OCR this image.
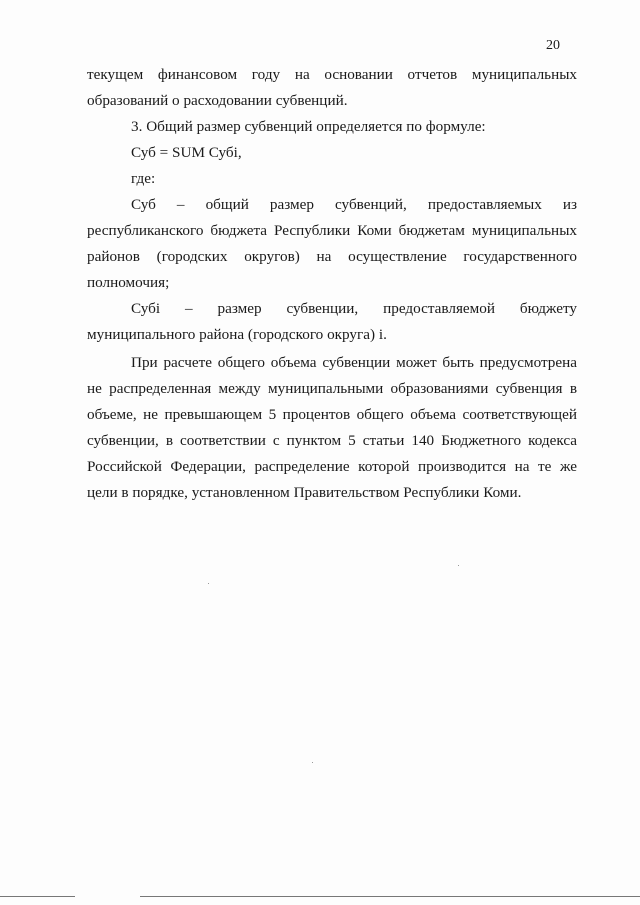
20
текущем финансовом году на основании отчетов муниципальных
образований о расходовании субвенций.
3. Общий размер субвенций определяется по формуле:
Суб = SUM Субi,
где:
Суб – общий размер субвенций, предоставляемых из
республиканского бюджета Республики Коми бюджетам муниципальных
районов (городских округов) на осуществление государственного
полномочия;
Субi – размер субвенции, предоставляемой бюджету
муниципального района (городского округа) i.
При расчете общего объема субвенции может быть предусмотрена
не распределенная между муниципальными образованиями субвенция в
объеме, не превышающем 5 процентов общего объема соответствующей
субвенции, в соответствии с пунктом 5 статьи 140 Бюджетного кодекса
Российской Федерации, распределение которой производится на те же
цели в порядке, установленном Правительством Республики Коми.
